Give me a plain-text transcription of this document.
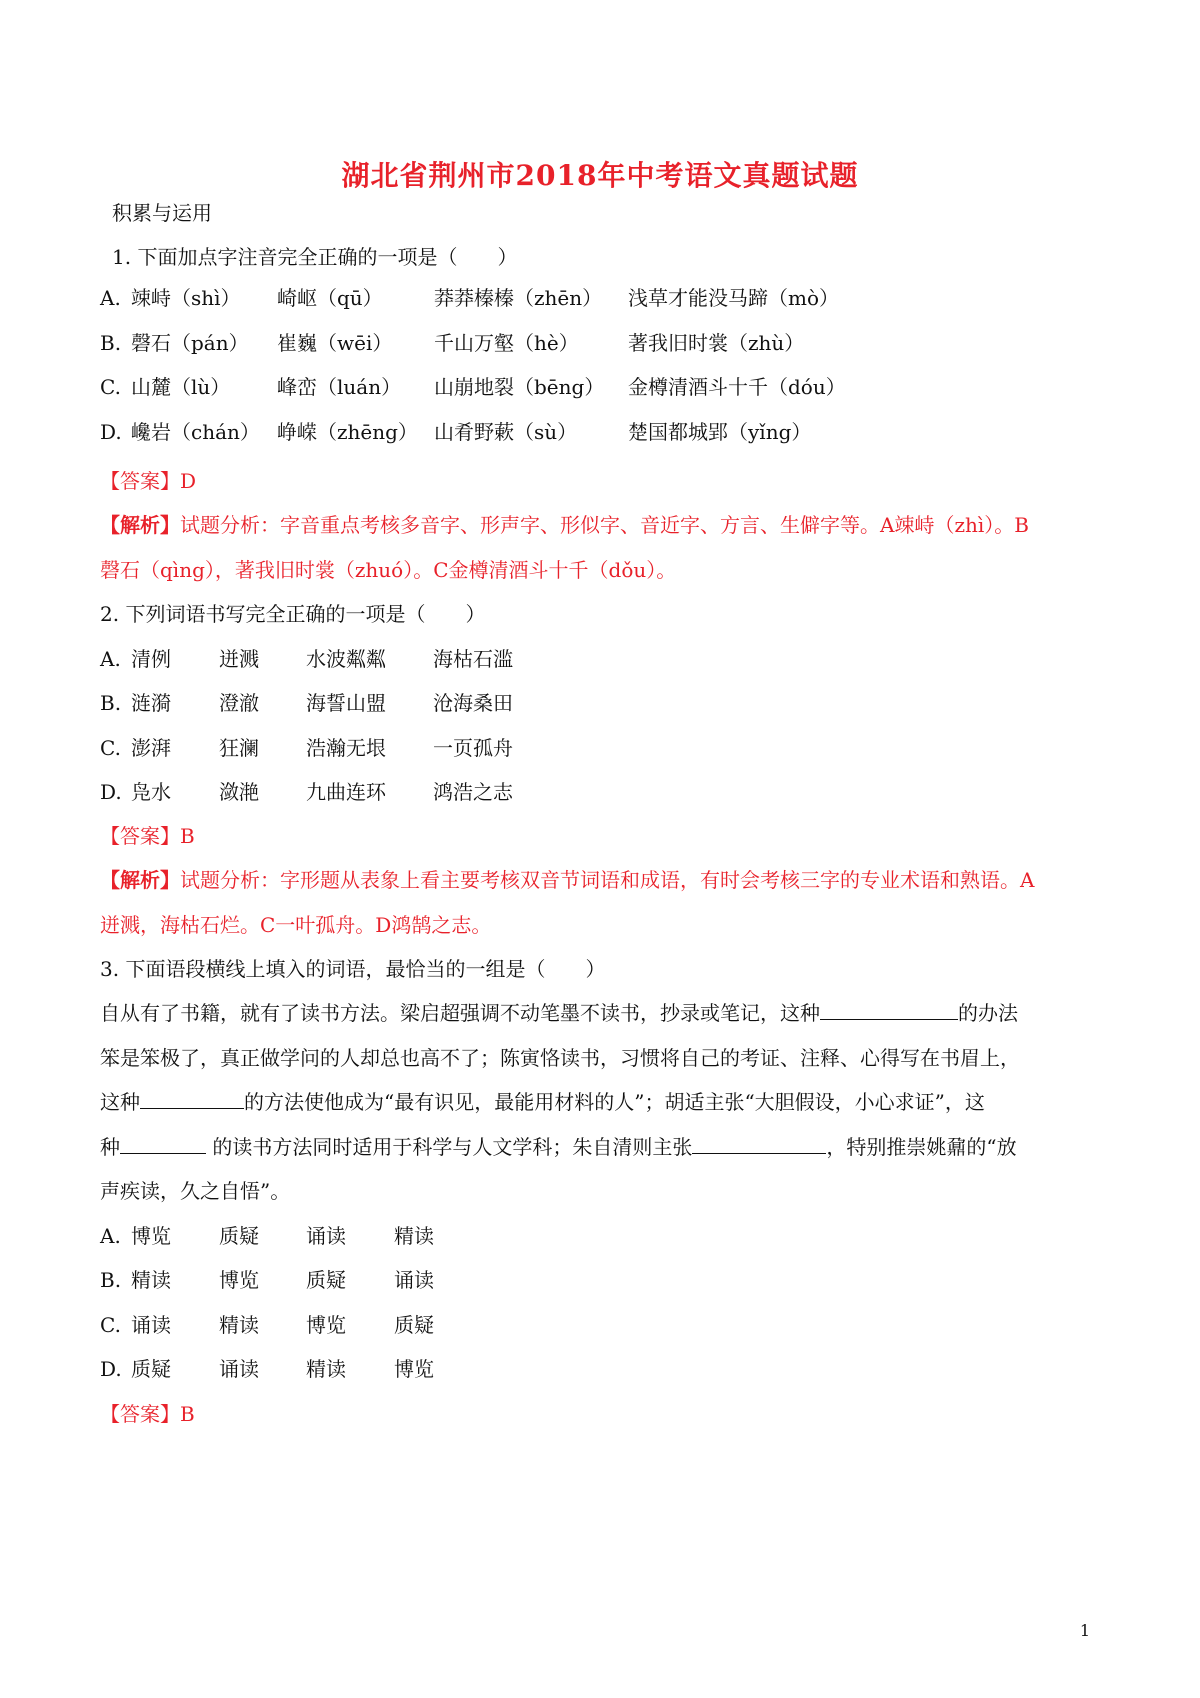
湖北省荆州市2018年中考语文真题试题
积累与运用
1. 下面加点字注音完全正确的一项是（　　）
A. 竦峙（shì） 崎岖（qū）	莽莽榛榛（zhēn） 浅草才能没马蹄（mò）
B. 磬石（pán） 崔巍（wēi） 千山万壑（hè） 著我旧时裳（zhù）
C. 山麓（lù） 峰峦（luán） 山崩地裂（bēng） 金樽清酒斗十千（dóu）
D. 巉岩（chán） 峥嵘（zhēng） 山肴野蔌（sù）	楚国都城郢（yǐng）
【答案】D
【解析】试题分析：字音重点考核多音字、形声字、形似字、音近字、方言、生僻字等。A竦峙（zhì）。B
磬石（qìng），著我旧时裳（zhuó）。C金樽清酒斗十千（dǒu）。
2. 下列词语书写完全正确的一项是（　　）
A. 清例 迸溅 水波粼粼 海枯石滥
B. 涟漪 澄澈 海誓山盟 沧海桑田
C. 澎湃 狂澜 浩瀚无垠 一页孤舟
D. 凫水 潋滟 九曲连环 鸿浩之志
【答案】B
【解析】试题分析：字形题从表象上看主要考核双音节词语和成语，有时会考核三字的专业术语和熟语。A
迸溅，海枯石烂。C一叶孤舟。D鸿鹄之志。
3. 下面语段横线上填入的词语，最恰当的一组是（　　）
自从有了书籍，就有了读书方法。梁启超强调不动笔墨不读书，抄录或笔记，这种	的办法
笨是笨极了，真正做学问的人却总也高不了；陈寅恪读书，习惯将自己的考证、注释、心得写在书眉上，
这种	的方法使他成为“最有识见，最能用材料的人”；胡适主张“大胆假设，小心求证”，这
种	的读书方法同时适用于科学与人文学科；朱自清则主张	，特别推崇姚鼐的“放
声疾读，久之自悟”。
A. 博览 质疑 诵读 精读
B. 精读 博览 质疑 诵读
C. 诵读 精读 博览 质疑
D. 质疑 诵读 精读 博览
【答案】B
1
